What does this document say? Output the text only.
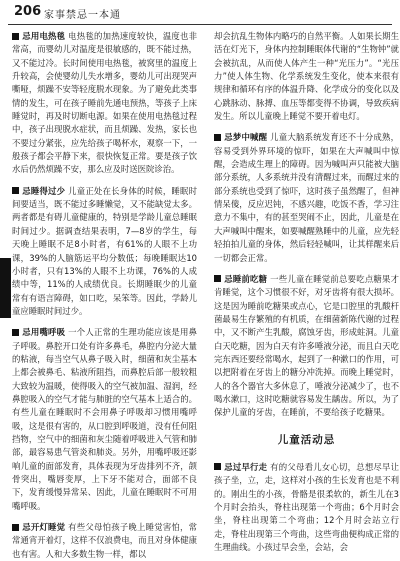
206 家事禁忌一本通

忌用电热毯 电热毯的加热速度较快，温度也非常高，而婴幼儿对温度是很敏感的，既不能过热，又不能过冷。长时间使用电热毯，被窝里的温度上升较高，会使婴幼儿失水增多，婴幼儿可出现哭声嘶哑，烦躁不安等轻度脱水现象。为了避免此类事情的发生，可在孩子睡前先通电预热，等孩子上床睡觉时，再及时切断电源。如果在使用电热毯过程中，孩子出现脱水症状，而且烦躁、发热，家长也不要过分紧张，应先给孩子喝杯水，观察一下，一般孩子都会平静下来，很快恢复正常。要是孩子饮水后仍然烦躁不安，那么应及时送医院诊治。

忌睡得过少 儿童正处在长身体的时候，睡眠时间要适当，既不能过多睡懒觉，又不能缺觉太多。两者都是有碍儿童健康的，特别是学龄儿童总睡眠时间过少。据调查结果表明，7—8岁的学生，每天晚上睡眠不足8小时者，有61%的人眼不上功课，39%的人脑筋运平均分数低；每晚睡眠达10小时者，只有13%的人眼不上功课，76%的人成绩中等，11%的人成绩优良。长期睡眠少的儿童常有有语言障碍，如口吃，呆笨等。因此，学龄儿童应睡眠时间过少。

忌用嘴呼吸 一个人正常的生理功能应该是用鼻子呼吸。鼻腔开口处有许多鼻毛，鼻腔内分泌大量的粘液，每当空气从鼻子吸入时，细菌和灰尘基本上都会被鼻毛、粘液所阻挡，而鼻腔后部一般较粗大致较为温暖，使得吸入的空气被加温、湿润，经鼻腔吸入的空气才能与肺脏的空气基本上适合的。有些儿童在睡眠时不会用鼻子呼吸却习惯用嘴呼吸，这是很有害的，从口腔到呼吸道，没有任何阻挡物，空气中的细菌和灰尘随着呼吸进入气管和肺部，最容易患气管炎和肺炎。另外，用嘴呼吸还影响儿童的面部发育，具体表现为牙齿排列不齐，颌骨突出，嘴唇变厚，上下牙不能对合，面部不良下，发育缓慢异常呆、因此，儿童在睡眠时不可用嘴呼吸。

忌开灯睡觉 有些父母怕孩子晚上睡觉害怕，常常通宵开着灯，这样不仅浪费电，而且对身体健康也有害。人和大多数生物一样，都以

却会抗乱生物体内略巧的自然平衡。人如果长期生活在灯光下，身体内控制睡眠体代谢的“生物钟”就会被抗乱，从而使人体产生一种“光压力”。“光压力”使人体生物、化学系统发生变化，使本来很有规律和循环有序的体温升降、化学成分的变化以及心跳脉动、脉搏、血压等都变得不协调，导致疾病发生。所以儿童晚上睡觉不要开着电灯。

忌梦中喊醒 儿童大脑系统发育还不十分成熟，容易受到外界环境的惊吓，如果在大声喊叫中惊醒，会造成生理上的障碍。因为喊叫声只能被大脑部分系统，人多系统并没有清醒过来，而醒过来的部分系统也受到了惊吓，这时孩子虽然醒了，但神情呆傻，反应迟钝，不感兴趣，吃饭不香，学习注意力不集中，有的甚至哭闹不止，因此，儿童是在大声喊叫中醒来，如要喊醒熟睡中的儿童，应先轻轻拍拍儿童的身体，然后轻轻喊叫，让其样醒来后一切都会正常。

忌睡前吃糖 一些儿童在睡觉前总要吃点糖果才肯睡觉，这个习惯很不好，对牙齿将有很大损坏。这是因为睡前吃糖果或点心，它是口腔里的乳酸杆菌最易生存繁殖的有机质，在细菌新陈代谢的过程中，又不断产生乳酸，腐蚀牙齿，形成蛀洞。儿童白天吃糖，因为白天有许多唾液分泌，而且白天吃完东西还要经常喝水，起到了一种漱口的作用，可以把附着在牙齿上的糖分冲洗掉。而晚上睡觉时，人的各个器官大多休息了，唾液分泌减少了，也不喝水漱口，这时吃糖就容易发生龋齿。所以，为了保护儿童的牙齿，在睡前，不要给孩子吃糖果。

儿童活动忌

忌过早行走 有的父母看儿女心切，总想尽早让孩子坐，立，走，这样对小孩的生长发育也是不利的。刚出生的小孩，骨骼是很柔软的，新生儿在3个月时会抬头，脊柱出现第一个弯曲；6个月时会坐，脊柱出现第二个弯曲；12个月时会站立行走，脊柱出现第三个弯曲，这些弯曲便构成正常的生理曲线。小孩过早会坐，会站，会
